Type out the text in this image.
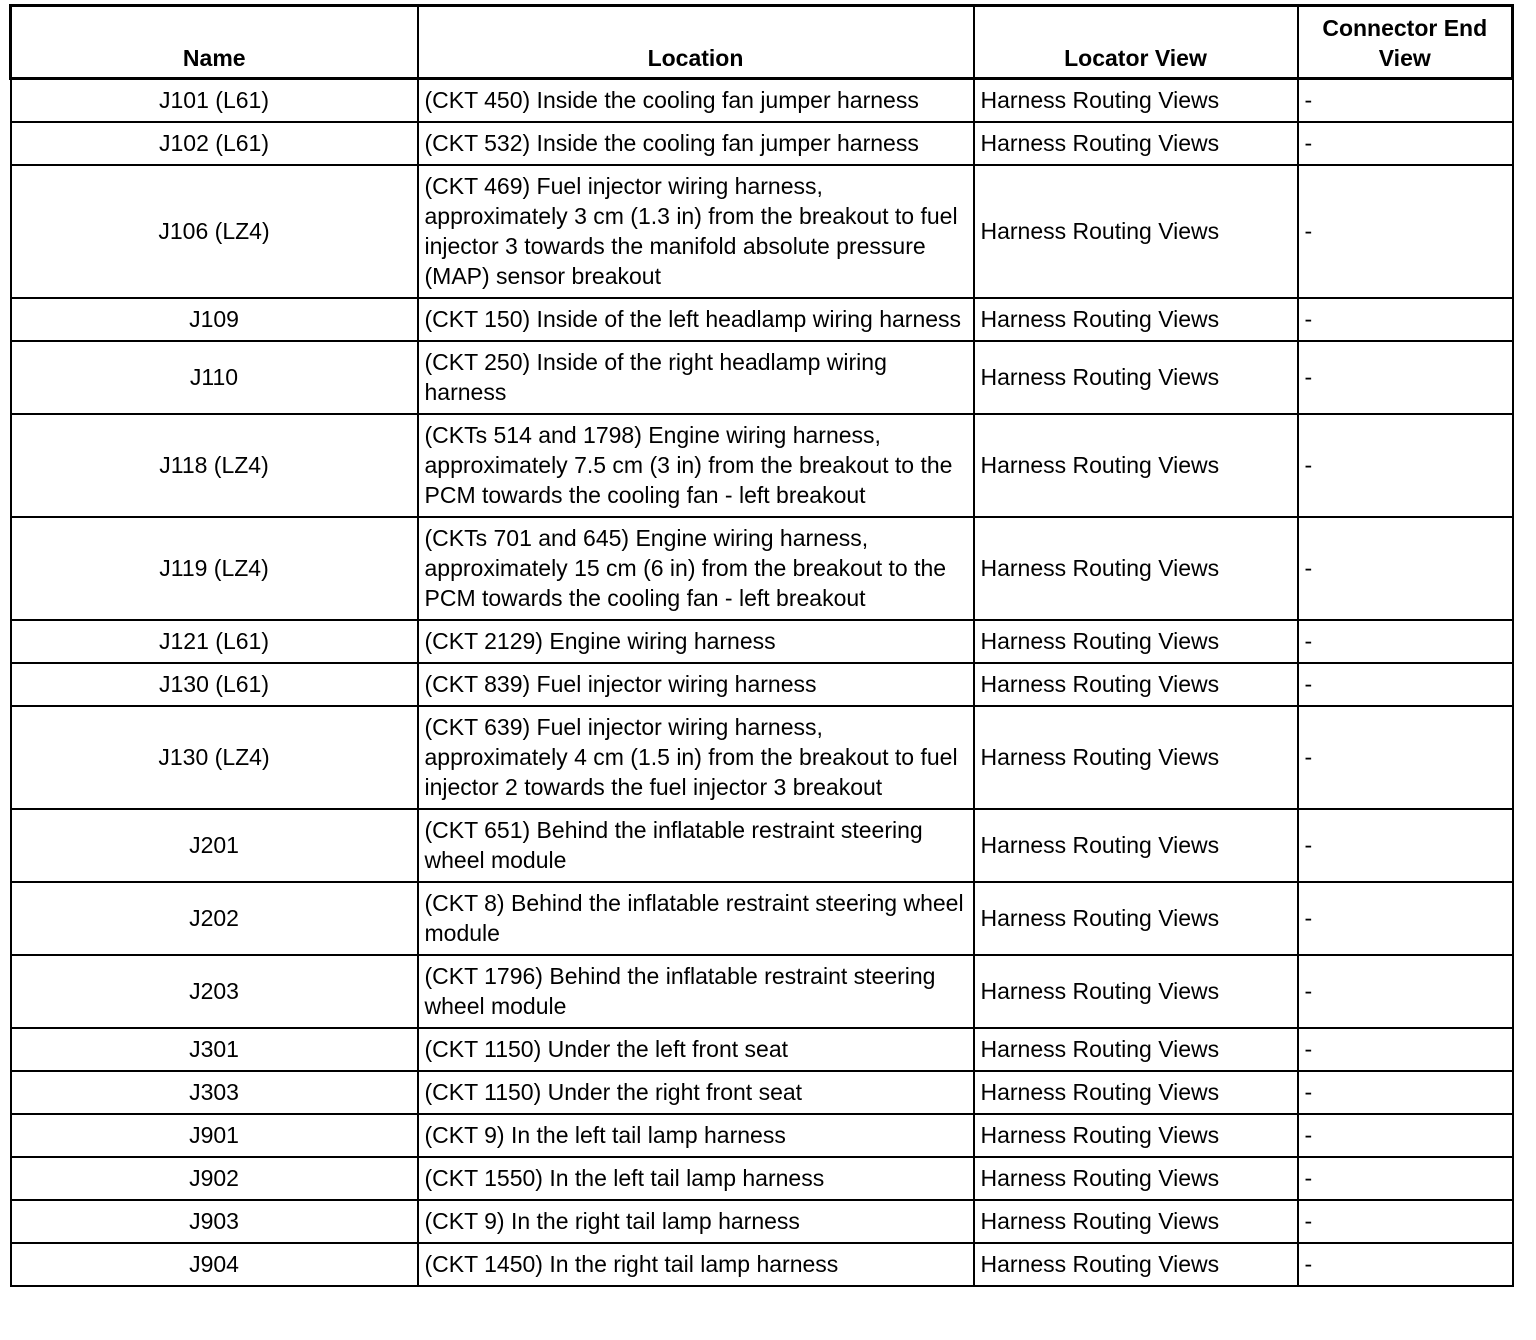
Name	Location	Locator View	Connector End View
J101 (L61)	(CKT 450) Inside the cooling fan jumper harness	Harness Routing Views	-
J102 (L61)	(CKT 532) Inside the cooling fan jumper harness	Harness Routing Views	-
J106 (LZ4)	(CKT 469) Fuel injector wiring harness, approximately 3 cm (1.3 in) from the breakout to fuel injector 3 towards the manifold absolute pressure (MAP) sensor breakout	Harness Routing Views	-
J109	(CKT 150) Inside of the left headlamp wiring harness	Harness Routing Views	-
J110	(CKT 250) Inside of the right headlamp wiring harness	Harness Routing Views	-
J118 (LZ4)	(CKTs 514 and 1798) Engine wiring harness, approximately 7.5 cm (3 in) from the breakout to the PCM towards the cooling fan - left breakout	Harness Routing Views	-
J119 (LZ4)	(CKTs 701 and 645) Engine wiring harness, approximately 15 cm (6 in) from the breakout to the PCM towards the cooling fan - left breakout	Harness Routing Views	-
J121 (L61)	(CKT 2129) Engine wiring harness	Harness Routing Views	-
J130 (L61)	(CKT 839) Fuel injector wiring harness	Harness Routing Views	-
J130 (LZ4)	(CKT 639) Fuel injector wiring harness, approximately 4 cm (1.5 in) from the breakout to fuel injector 2 towards the fuel injector 3 breakout	Harness Routing Views	-
J201	(CKT 651) Behind the inflatable restraint steering wheel module	Harness Routing Views	-
J202	(CKT 8) Behind the inflatable restraint steering wheel module	Harness Routing Views	-
J203	(CKT 1796) Behind the inflatable restraint steering wheel module	Harness Routing Views	-
J301	(CKT 1150) Under the left front seat	Harness Routing Views	-
J303	(CKT 1150) Under the right front seat	Harness Routing Views	-
J901	(CKT 9) In the left tail lamp harness	Harness Routing Views	-
J902	(CKT 1550) In the left tail lamp harness	Harness Routing Views	-
J903	(CKT 9) In the right tail lamp harness	Harness Routing Views	-
J904	(CKT 1450) In the right tail lamp harness	Harness Routing Views	-
